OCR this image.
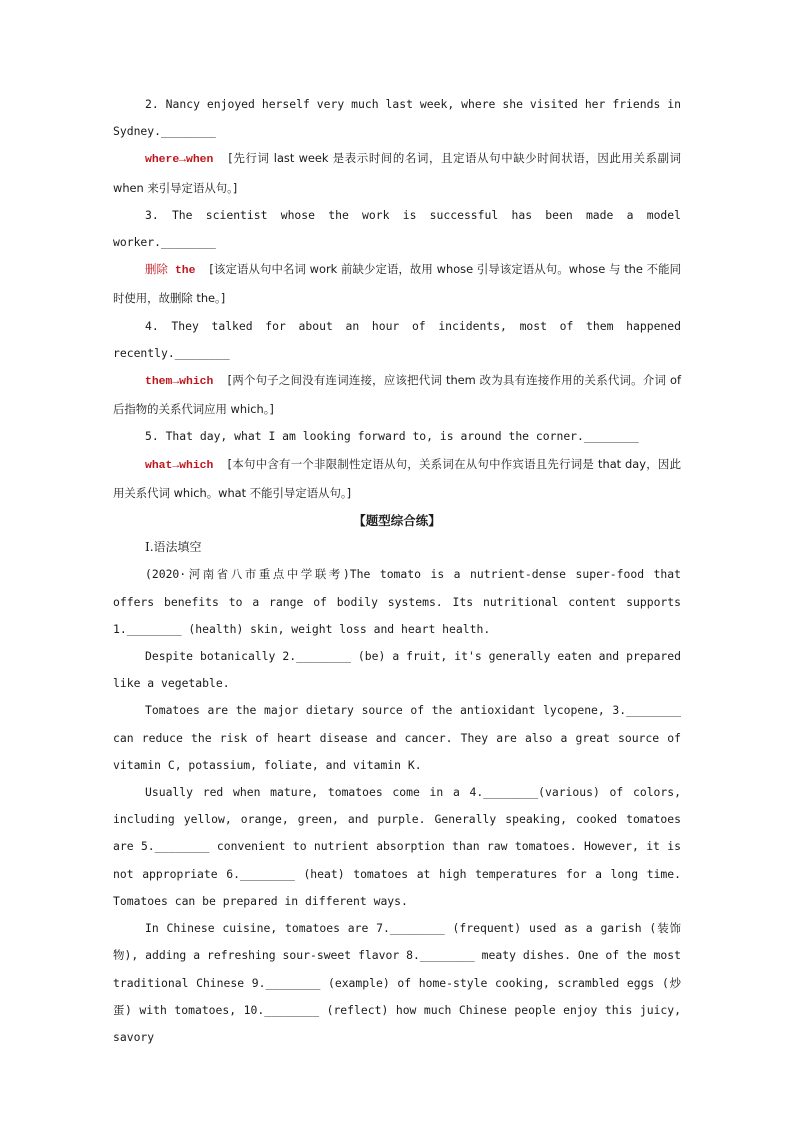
2. Nancy enjoyed herself very much last week, where she visited her friends in Sydney.________

where→when [先行词 last week 是表示时间的名词，且定语从句中缺少时间状语，因此用关系副词 when 来引导定语从句。]

3. The scientist whose the work is successful has been made a model worker.________

删除 the [该定语从句中名词 work 前缺少定语，故用 whose 引导该定语从句。whose 与 the 不能同时使用，故删除 the。]

4. They talked for about an hour of incidents, most of them happened recently.________

them→which [两个句子之间没有连词连接，应该把代词 them 改为具有连接作用的关系代词。介词 of 后指物的关系代词应用 which。]

5. That day, what I am looking forward to, is around the corner.________

what→which [本句中含有一个非限制性定语从句，关系词在从句中作宾语且先行词是 that day，因此用关系代词 which。what 不能引导定语从句。]

【题型综合练】

Ⅰ.语法填空

(2020·河南省八市重点中学联考)The tomato is a nutrient-dense super-food that offers benefits to a range of bodily systems. Its nutritional content supports 1.________ (health) skin, weight loss and heart health.

Despite botanically 2.________ (be) a fruit, it's generally eaten and prepared like a vegetable.

Tomatoes are the major dietary source of the antioxidant lycopene, 3.________ can reduce the risk of heart disease and cancer. They are also a great source of vitamin C, potassium, foliate, and vitamin K.

Usually red when mature, tomatoes come in a 4.________(various) of colors, including yellow, orange, green, and purple. Generally speaking, cooked tomatoes are 5.________ convenient to nutrient absorption than raw tomatoes. However, it is not appropriate 6.________ (heat) tomatoes at high temperatures for a long time. Tomatoes can be prepared in different ways.

In Chinese cuisine, tomatoes are 7.________ (frequent) used as a garish (装饰物), adding a refreshing sour-sweet flavor 8.________ meaty dishes. One of the most traditional Chinese 9.________ (example) of home-style cooking, scrambled eggs (炒蛋) with tomatoes, 10.________ (reflect) how much Chinese people enjoy this juicy, savory
